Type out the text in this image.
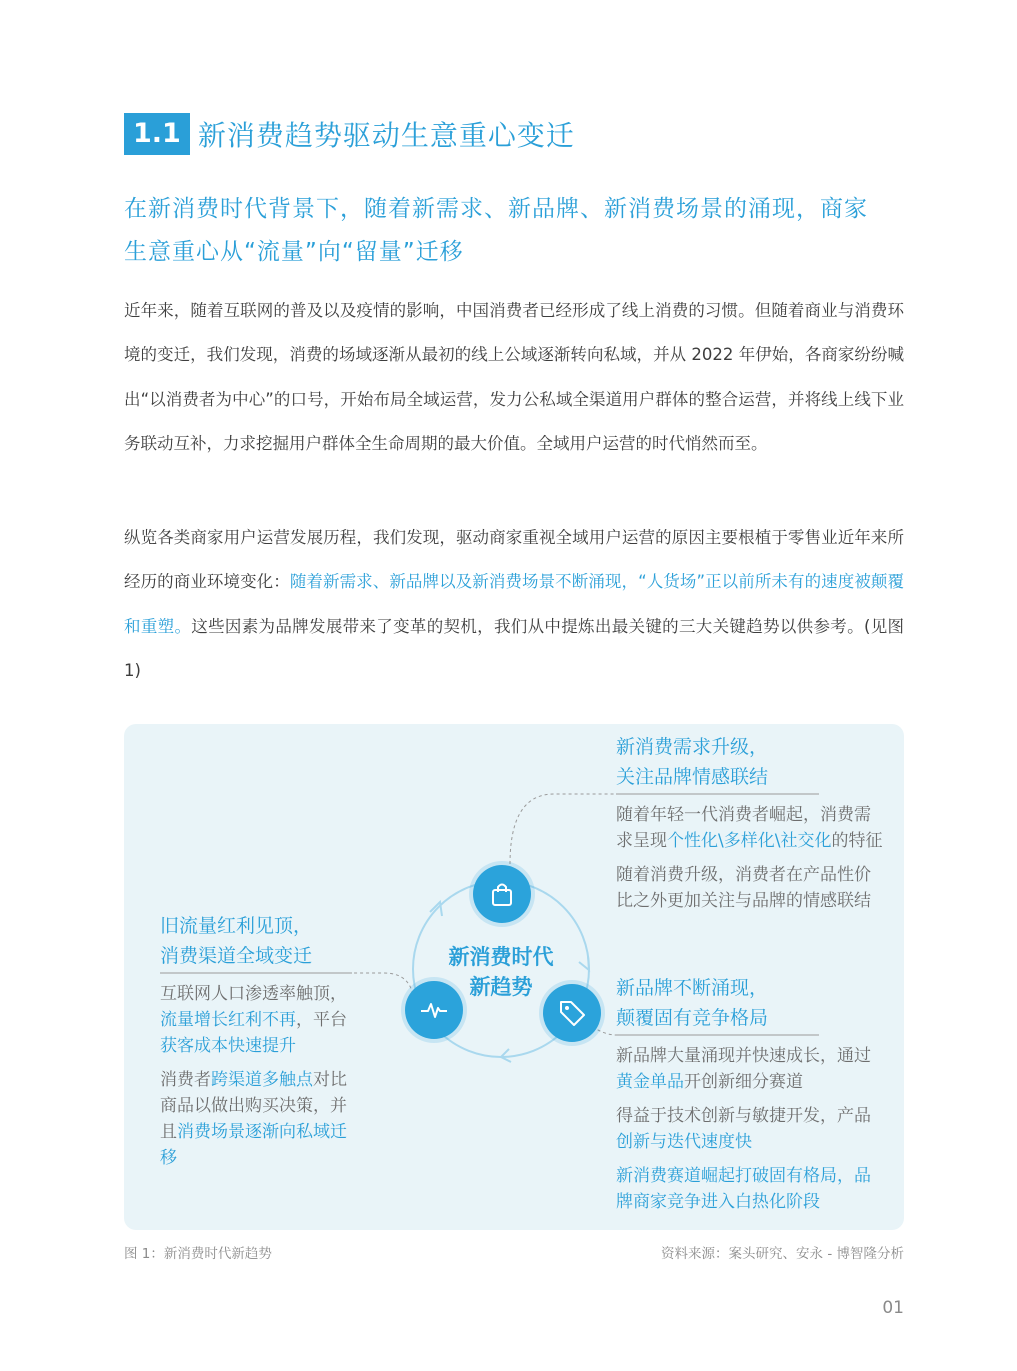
1.1 新消费趋势驱动生意重心变迁
在新消费时代背景下，随着新需求、新品牌、新消费场景的涌现，商家
生意重心从“流量”向“留量”迁移
近年来，随着互联网的普及以及疫情的影响，中国消费者已经形成了线上消费的习惯。但随着商业与消费环境的变迁，我们发现，消费的场域逐渐从最初的线上公域逐渐转向私域，并从 2022 年伊始，各商家纷纷喊出“以消费者为中心”的口号，开始布局全域运营，发力公私域全渠道用户群体的整合运营，并将线上线下业务联动互补，力求挖掘用户群体全生命周期的最大价值。全域用户运营的时代悄然而至。
纵览各类商家用户运营发展历程，我们发现，驱动商家重视全域用户运营的原因主要根植于零售业近年来所经历的商业环境变化：随着新需求、新品牌以及新消费场景不断涌现，“人货场”正以前所未有的速度被颠覆和重塑。这些因素为品牌发展带来了变革的契机，我们从中提炼出最关键的三大关键趋势以供参考。(见图 1)
新消费时代
新趋势
新消费需求升级，
关注品牌情感联结
随着年轻一代消费者崛起，消费需求呈现个性化\多样化\社交化的特征
随着消费升级，消费者在产品性价比之外更加关注与品牌的情感联结
旧流量红利见顶，
消费渠道全域变迁
互联网人口渗透率触顶，流量增长红利不再，平台获客成本快速提升
消费者跨渠道多触点对比商品以做出购买决策，并且消费场景逐渐向私域迁移
新品牌不断涌现，
颠覆固有竞争格局
新品牌大量涌现并快速成长，通过黄金单品开创新细分赛道
得益于技术创新与敏捷开发，产品创新与迭代速度快
新消费赛道崛起打破固有格局，品牌商家竞争进入白热化阶段
图 1：新消费时代新趋势	资料来源：案头研究、安永 - 博智隆分析
01
